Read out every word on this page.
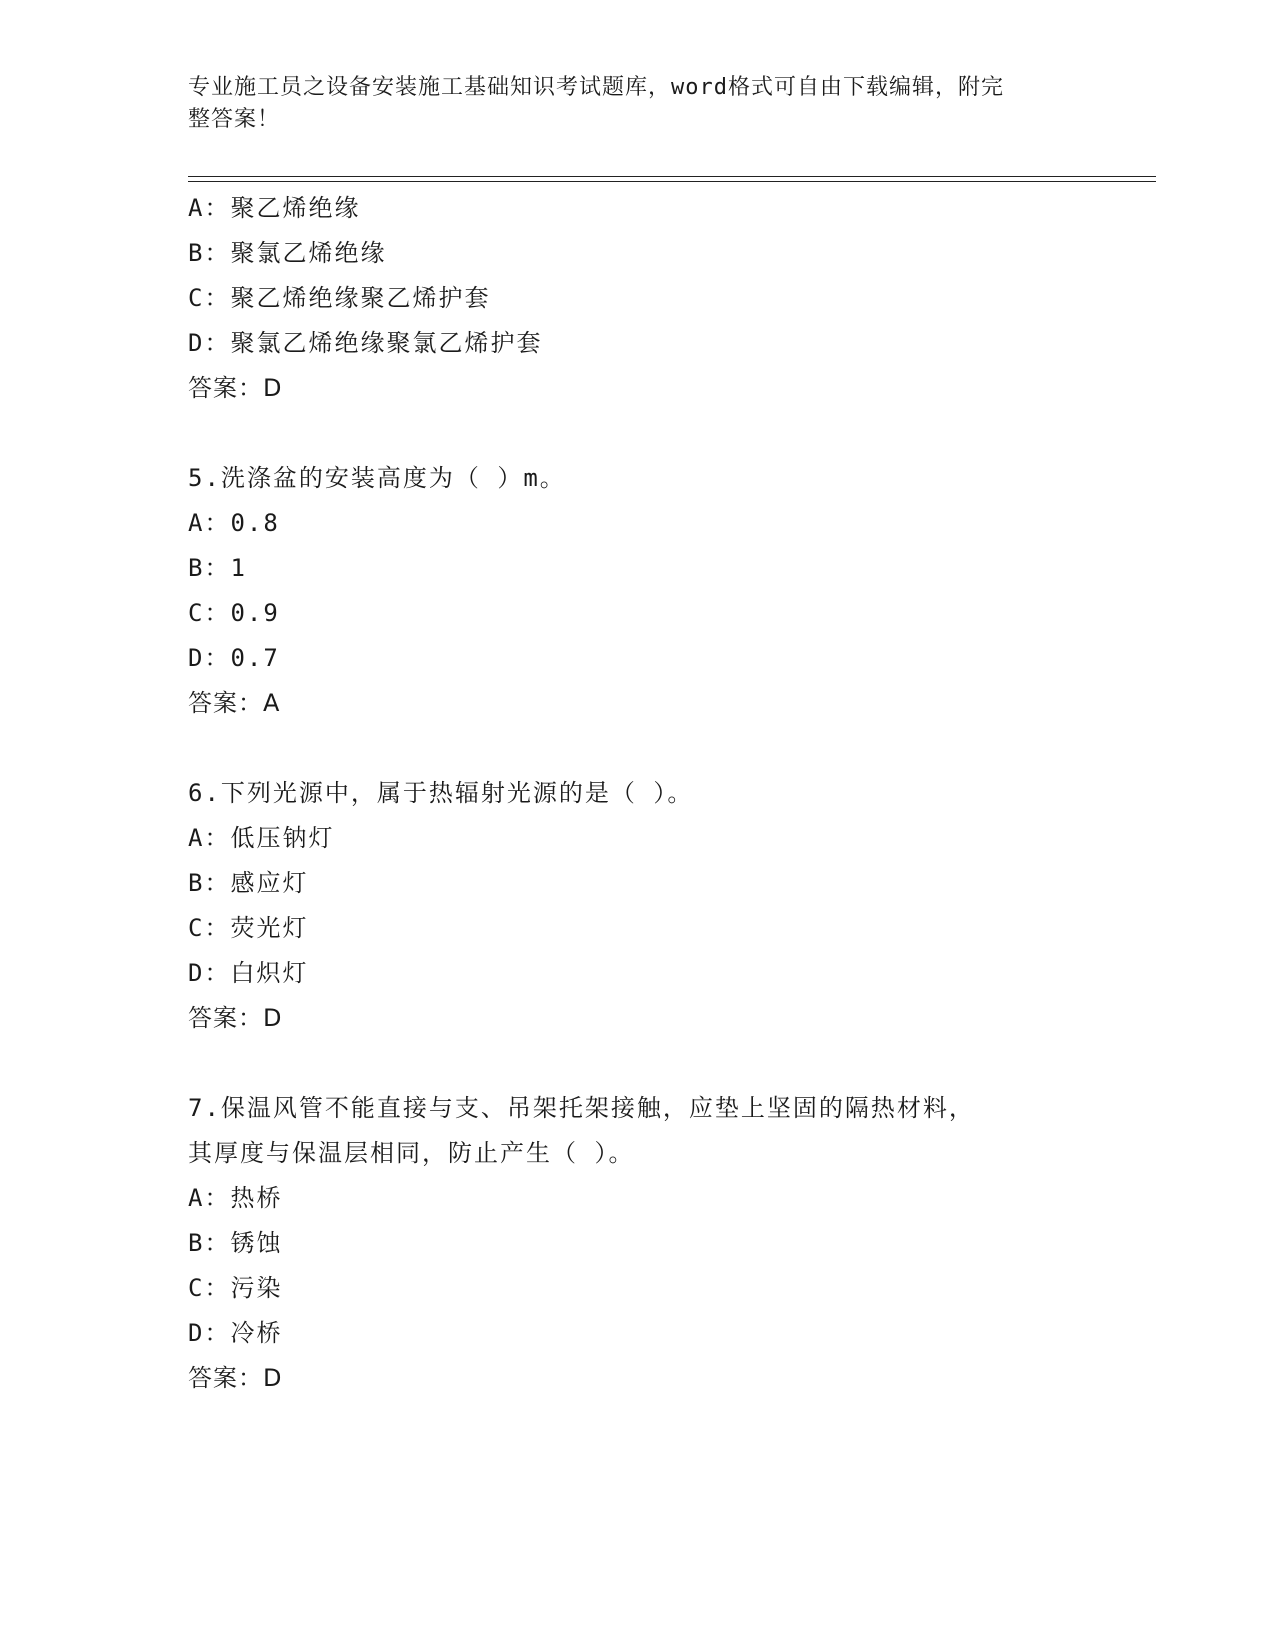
专业施工员之设备安装施工基础知识考试题库，word格式可自由下载编辑，附完
整答案！
A：聚乙烯绝缘
B：聚氯乙烯绝缘
C：聚乙烯绝缘聚乙烯护套
D：聚氯乙烯绝缘聚氯乙烯护套
答案：D
5.洗涤盆的安装高度为（ ）m。
A：0.8
B：1
C：0.9
D：0.7
答案：A
6.下列光源中，属于热辐射光源的是（ ）。
A：低压钠灯
B：感应灯
C：荧光灯
D：白炽灯
答案：D
7.保温风管不能直接与支、吊架托架接触，应垫上坚固的隔热材料，
其厚度与保温层相同，防止产生（ ）。
A：热桥
B：锈蚀
C：污染
D：冷桥
答案：D
